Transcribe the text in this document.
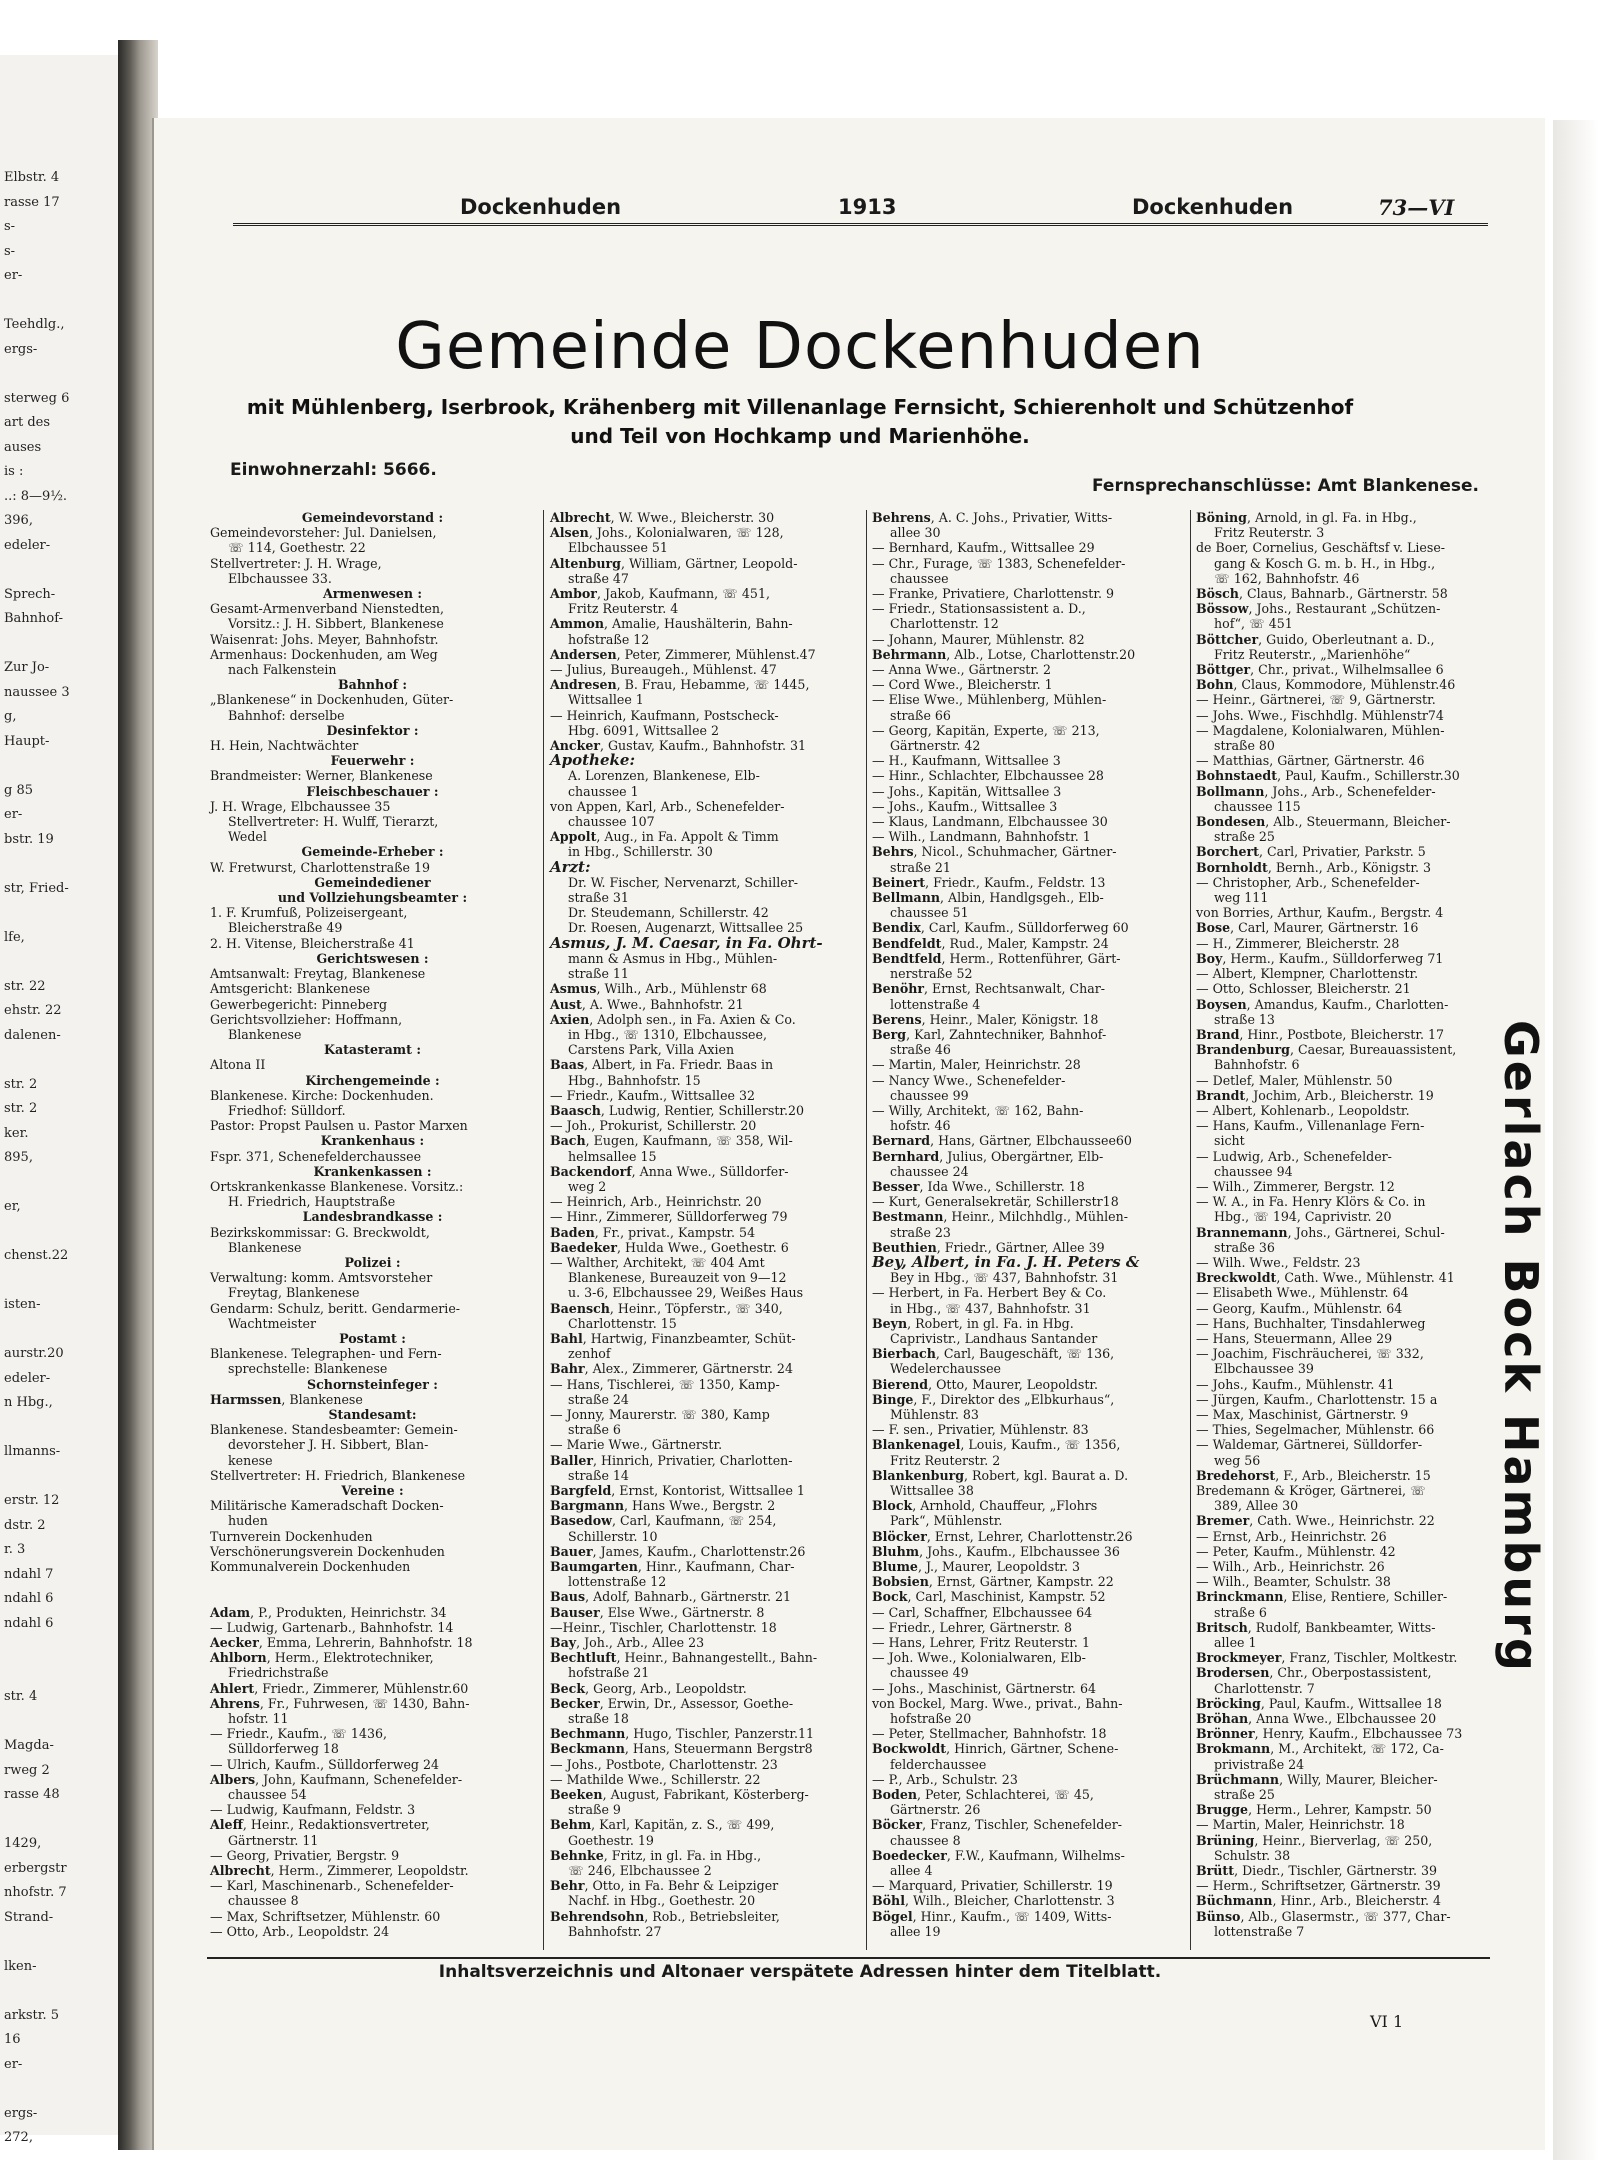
Elbstr. 4
rasse 17
s-
s-
er-
Teehdlg.,
ergs-
sterweg 6
art des
auses
is :
..: 8—9½.
396,
edeler-
Sprech-
Bahnhof-
Zur Jo-
naussee 3
g,
Haupt-
g 85
er-
bstr. 19
str, Fried-
lfe,
str. 22
ehstr. 22
dalenen-
str. 2
str. 2
ker.
895,
er,
chenst.22
isten-
aurstr.20
edeler-
n Hbg.,
llmanns-
erstr. 12
dstr. 2
r. 3
ndahl 7
ndahl 6
ndahl 6
str. 4
Magda-
rweg 2
rasse 48
1429,
erbergstr
nhofstr. 7
Strand-
lken-
arkstr. 5
16
er-
ergs-
272,
Gerlach Bock Hamburg
Dockenhuden	1913	Dockenhuden	73—VI
Gemeinde Dockenhuden
mit Mühlenberg, Iserbrook, Krähenberg mit Villenanlage Fernsicht, Schierenholt und Schützenhof
und Teil von Hochkamp und Marienhöhe.
Einwohnerzahl: 5666.
Fernsprechanschlüsse: Amt Blankenese.
Gemeindevorstand :
Gemeindevorsteher: Jul. Danielsen,
☏ 114, Goethestr. 22
Stellvertreter: J. H. Wrage,
Elbchaussee 33.
Armenwesen :
Gesamt-Armenverband Nienstedten,
Vorsitz.: J. H. Sibbert, Blankenese
Waisenrat: Johs. Meyer, Bahnhofstr.
Armenhaus: Dockenhuden, am Weg
nach Falkenstein
Bahnhof :
„Blankenese“ in Dockenhuden, Güter-
Bahnhof: derselbe
Desinfektor :
H. Hein, Nachtwächter
Feuerwehr :
Brandmeister: Werner, Blankenese
Fleischbeschauer :
J. H. Wrage, Elbchaussee 35
Stellvertreter: H. Wulff, Tierarzt,
Wedel
Gemeinde-Erheber :
W. Fretwurst, Charlottenstraße 19
Gemeindediener
und Vollziehungsbeamter :
1. F. Krumfuß, Polizeisergeant,
Bleicherstraße 49
2. H. Vitense, Bleicherstraße 41
Gerichtswesen :
Amtsanwalt: Freytag, Blankenese
Amtsgericht: Blankenese
Gewerbegericht: Pinneberg
Gerichtsvollzieher: Hoffmann,
Blankenese
Katasteramt :
Altona II
Kirchengemeinde :
Blankenese. Kirche: Dockenhuden.
Friedhof: Sülldorf.
Pastor: Propst Paulsen u. Pastor Marxen
Krankenhaus :
Fspr. 371, Schenefelderchaussee
Krankenkassen :
Ortskrankenkasse Blankenese. Vorsitz.:
H. Friedrich, Hauptstraße
Landesbrandkasse :
Bezirkskommissar: G. Breckwoldt,
Blankenese
Polizei :
Verwaltung: komm. Amtsvorsteher
Freytag, Blankenese
Gendarm: Schulz, beritt. Gendarmerie-
Wachtmeister
Postamt :
Blankenese. Telegraphen- und Fern-
sprechstelle: Blankenese
Schornsteinfeger :
Harmssen, Blankenese
Standesamt:
Blankenese. Standesbeamter: Gemein-
devorsteher J. H. Sibbert, Blan-
kenese
Stellvertreter: H. Friedrich, Blankenese
Vereine :
Militärische Kameradschaft Docken-
huden
Turnverein Dockenhuden
Verschönerungsverein Dockenhuden
Kommunalverein Dockenhuden

Adam, P., Produkten, Heinrichstr. 34
— Ludwig, Gartenarb., Bahnhofstr. 14
Aecker, Emma, Lehrerin, Bahnhofstr. 18
Ahlborn, Herm., Elektrotechniker,
Friedrichstraße
Ahlert, Friedr., Zimmerer, Mühlenstr.60
Ahrens, Fr., Fuhrwesen, ☏ 1430, Bahn-
hofstr. 11
— Friedr., Kaufm., ☏ 1436,
Sülldorferweg 18
— Ulrich, Kaufm., Sülldorferweg 24
Albers, John, Kaufmann, Schenefelder-
chaussee 54
— Ludwig, Kaufmann, Feldstr. 3
Aleff, Heinr., Redaktionsvertreter,
Gärtnerstr. 11
— Georg, Privatier, Bergstr. 9
Albrecht, Herm., Zimmerer, Leopoldstr.
— Karl, Maschinenarb., Schenefelder-
chaussee 8
— Max, Schriftsetzer, Mühlenstr. 60
— Otto, Arb., Leopoldstr. 24
Albrecht, W. Wwe., Bleicherstr. 30
Alsen, Johs., Kolonialwaren, ☏ 128,
Elbchaussee 51
Altenburg, William, Gärtner, Leopold-
straße 47
Ambor, Jakob, Kaufmann, ☏ 451,
Fritz Reuterstr. 4
Ammon, Amalie, Haushälterin, Bahn-
hofstraße 12
Andersen, Peter, Zimmerer, Mühlenst.47
— Julius, Bureaugeh., Mühlenst. 47
Andresen, B. Frau, Hebamme, ☏ 1445,
Wittsallee 1
— Heinrich, Kaufmann, Postscheck-
Hbg. 6091, Wittsallee 2
Ancker, Gustav, Kaufm., Bahnhofstr. 31
Apotheke:
A. Lorenzen, Blankenese, Elb-
chaussee 1
von Appen, Karl, Arb., Schenefelder-
chaussee 107
Appolt, Aug., in Fa. Appolt & Timm
in Hbg., Schillerstr. 30
Arzt:
Dr. W. Fischer, Nervenarzt, Schiller-
straße 31
Dr. Steudemann, Schillerstr. 42
Dr. Roesen, Augenarzt, Wittsallee 25
Asmus, J. M. Caesar, in Fa. Ohrt-
mann & Asmus in Hbg., Mühlen-
straße 11
Asmus, Wilh., Arb., Mühlenstr 68
Aust, A. Wwe., Bahnhofstr. 21
Axien, Adolph sen., in Fa. Axien & Co.
in Hbg., ☏ 1310, Elbchaussee,
Carstens Park, Villa Axien
Baas, Albert, in Fa. Friedr. Baas in
Hbg., Bahnhofstr. 15
— Friedr., Kaufm., Wittsallee 32
Baasch, Ludwig, Rentier, Schillerstr.20
— Joh., Prokurist, Schillerstr. 20
Bach, Eugen, Kaufmann, ☏ 358, Wil-
helmsallee 15
Backendorf, Anna Wwe., Sülldorfer-
weg 2
— Heinrich, Arb., Heinrichstr. 20
— Hinr., Zimmerer, Sülldorferweg 79
Baden, Fr., privat., Kampstr. 54
Baedeker, Hulda Wwe., Goethestr. 6
— Walther, Architekt, ☏ 404 Amt
Blankenese, Bureauzeit von 9—12
u. 3-6, Elbchaussee 29, Weißes Haus
Baensch, Heinr., Töpferstr., ☏ 340,
Charlottenstr. 15
Bahl, Hartwig, Finanzbeamter, Schüt-
zenhof
Bahr, Alex., Zimmerer, Gärtnerstr. 24
— Hans, Tischlerei, ☏ 1350, Kamp-
straße 24
— Jonny, Maurerstr. ☏ 380, Kamp
straße 6
— Marie Wwe., Gärtnerstr.
Baller, Hinrich, Privatier, Charlotten-
straße 14
Bargfeld, Ernst, Kontorist, Wittsallee 1
Bargmann, Hans Wwe., Bergstr. 2
Basedow, Carl, Kaufmann, ☏ 254,
Schillerstr. 10
Bauer, James, Kaufm., Charlottenstr.26
Baumgarten, Hinr., Kaufmann, Char-
lottenstraße 12
Baus, Adolf, Bahnarb., Gärtnerstr. 21
Bauser, Else Wwe., Gärtnerstr. 8
—Heinr., Tischler, Charlottenstr. 18
Bay, Joh., Arb., Allee 23
Bechtluft, Heinr., Bahnangestellt., Bahn-
hofstraße 21
Beck, Georg, Arb., Leopoldstr.
Becker, Erwin, Dr., Assessor, Goethe-
straße 18
Bechmann, Hugo, Tischler, Panzerstr.11
Beckmann, Hans, Steuermann Bergstr8
— Johs., Postbote, Charlottenstr. 23
— Mathilde Wwe., Schillerstr. 22
Beeken, August, Fabrikant, Kösterberg-
straße 9
Behm, Karl, Kapitän, z. S., ☏ 499,
Goethestr. 19
Behnke, Fritz, in gl. Fa. in Hbg.,
☏ 246, Elbchaussee 2
Behr, Otto, in Fa. Behr & Leipziger
Nachf. in Hbg., Goethestr. 20
Behrendsohn, Rob., Betriebsleiter,
Bahnhofstr. 27
Behrens, A. C. Johs., Privatier, Witts-
allee 30
— Bernhard, Kaufm., Wittsallee 29
— Chr., Furage, ☏ 1383, Schenefelder-
chaussee
— Franke, Privatiere, Charlottenstr. 9
— Friedr., Stationsassistent a. D.,
Charlottenstr. 12
— Johann, Maurer, Mühlenstr. 82
Behrmann, Alb., Lotse, Charlottenstr.20
— Anna Wwe., Gärtnerstr. 2
— Cord Wwe., Bleicherstr. 1
— Elise Wwe., Mühlenberg, Mühlen-
straße 66
— Georg, Kapitän, Experte, ☏ 213,
Gärtnerstr. 42
— H., Kaufmann, Wittsallee 3
— Hinr., Schlachter, Elbchaussee 28
— Johs., Kapitän, Wittsallee 3
— Johs., Kaufm., Wittsallee 3
— Klaus, Landmann, Elbchaussee 30
— Wilh., Landmann, Bahnhofstr. 1
Behrs, Nicol., Schuhmacher, Gärtner-
straße 21
Beinert, Friedr., Kaufm., Feldstr. 13
Bellmann, Albin, Handlgsgeh., Elb-
chaussee 51
Bendix, Carl, Kaufm., Sülldorferweg 60
Bendfeldt, Rud., Maler, Kampstr. 24
Bendtfeld, Herm., Rottenführer, Gärt-
nerstraße 52
Benöhr, Ernst, Rechtsanwalt, Char-
lottenstraße 4
Berens, Heinr., Maler, Königstr. 18
Berg, Karl, Zahntechniker, Bahnhof-
straße 46
— Martin, Maler, Heinrichstr. 28
— Nancy Wwe., Schenefelder-
chaussee 99
— Willy, Architekt, ☏ 162, Bahn-
hofstr. 46
Bernard, Hans, Gärtner, Elbchaussee60
Bernhard, Julius, Obergärtner, Elb-
chaussee 24
Besser, Ida Wwe., Schillerstr. 18
— Kurt, Generalsekretär, Schillerstr18
Bestmann, Heinr., Milchhdlg., Mühlen-
straße 23
Beuthien, Friedr., Gärtner, Allee 39
Bey, Albert, in Fa. J. H. Peters &
Bey in Hbg., ☏ 437, Bahnhofstr. 31
— Herbert, in Fa. Herbert Bey & Co.
in Hbg., ☏ 437, Bahnhofstr. 31
Beyn, Robert, in gl. Fa. in Hbg.
Caprivistr., Landhaus Santander
Bierbach, Carl, Baugeschäft, ☏ 136,
Wedelerchaussee
Bierend, Otto, Maurer, Leopoldstr.
Binge, F., Direktor des „Elbkurhaus“,
Mühlenstr. 83
— F. sen., Privatier, Mühlenstr. 83
Blankenagel, Louis, Kaufm., ☏ 1356,
Fritz Reuterstr. 2
Blankenburg, Robert, kgl. Baurat a. D.
Wittsallee 38
Block, Arnhold, Chauffeur, „Flohrs
Park“, Mühlenstr.
Blöcker, Ernst, Lehrer, Charlottenstr.26
Bluhm, Johs., Kaufm., Elbchaussee 36
Blume, J., Maurer, Leopoldstr. 3
Bobsien, Ernst, Gärtner, Kampstr. 22
Bock, Carl, Maschinist, Kampstr. 52
— Carl, Schaffner, Elbchaussee 64
— Friedr., Lehrer, Gärtnerstr. 8
— Hans, Lehrer, Fritz Reuterstr. 1
— Joh. Wwe., Kolonialwaren, Elb-
chaussee 49
— Johs., Maschinist, Gärtnerstr. 64
von Bockel, Marg. Wwe., privat., Bahn-
hofstraße 20
— Peter, Stellmacher, Bahnhofstr. 18
Bockwoldt, Hinrich, Gärtner, Schene-
felderchaussee
— P., Arb., Schulstr. 23
Boden, Peter, Schlachterei, ☏ 45,
Gärtnerstr. 26
Böcker, Franz, Tischler, Schenefelder-
chaussee 8
Boedecker, F.W., Kaufmann, Wilhelms-
allee 4
— Marquard, Privatier, Schillerstr. 19
Böhl, Wilh., Bleicher, Charlottenstr. 3
Bögel, Hinr., Kaufm., ☏ 1409, Witts-
allee 19
Böning, Arnold, in gl. Fa. in Hbg.,
Fritz Reuterstr. 3
de Boer, Cornelius, Geschäftsf v. Liese-
gang & Kosch G. m. b. H., in Hbg.,
☏ 162, Bahnhofstr. 46
Bösch, Claus, Bahnarb., Gärtnerstr. 58
Bössow, Johs., Restaurant „Schützen-
hof“, ☏ 451
Böttcher, Guido, Oberleutnant a. D.,
Fritz Reuterstr., „Marienhöhe“
Böttger, Chr., privat., Wilhelmsallee 6
Bohn, Claus, Kommodore, Mühlenstr.46
— Heinr., Gärtnerei, ☏ 9, Gärtnerstr.
— Johs. Wwe., Fischhdlg. Mühlenstr74
— Magdalene, Kolonialwaren, Mühlen-
straße 80
— Matthias, Gärtner, Gärtnerstr. 46
Bohnstaedt, Paul, Kaufm., Schillerstr.30
Bollmann, Johs., Arb., Schenefelder-
chaussee 115
Bondesen, Alb., Steuermann, Bleicher-
straße 25
Borchert, Carl, Privatier, Parkstr. 5
Bornholdt, Bernh., Arb., Königstr. 3
— Christopher, Arb., Schenefelder-
weg 111
von Borries, Arthur, Kaufm., Bergstr. 4
Bose, Carl, Maurer, Gärtnerstr. 16
— H., Zimmerer, Bleicherstr. 28
Boy, Herm., Kaufm., Sülldorferweg 71
— Albert, Klempner, Charlottenstr.
— Otto, Schlosser, Bleicherstr. 21
Boysen, Amandus, Kaufm., Charlotten-
straße 13
Brand, Hinr., Postbote, Bleicherstr. 17
Brandenburg, Caesar, Bureauassistent,
Bahnhofstr. 6
— Detlef, Maler, Mühlenstr. 50
Brandt, Jochim, Arb., Bleicherstr. 19
— Albert, Kohlenarb., Leopoldstr.
— Hans, Kaufm., Villenanlage Fern-
sicht
— Ludwig, Arb., Schenefelder-
chaussee 94
— Wilh., Zimmerer, Bergstr. 12
— W. A., in Fa. Henry Klörs & Co. in
Hbg., ☏ 194, Caprivistr. 20
Brannemann, Johs., Gärtnerei, Schul-
straße 36
— Wilh. Wwe., Feldstr. 23
Breckwoldt, Cath. Wwe., Mühlenstr. 41
— Elisabeth Wwe., Mühlenstr. 64
— Georg, Kaufm., Mühlenstr. 64
— Hans, Buchhalter, Tinsdahlerweg
— Hans, Steuermann, Allee 29
— Joachim, Fischräucherei, ☏ 332,
Elbchaussee 39
— Johs., Kaufm., Mühlenstr. 41
— Jürgen, Kaufm., Charlottenstr. 15 a
— Max, Maschinist, Gärtnerstr. 9
— Thies, Segelmacher, Mühlenstr. 66
— Waldemar, Gärtnerei, Sülldorfer-
weg 56
Bredehorst, F., Arb., Bleicherstr. 15
Bredemann & Kröger, Gärtnerei, ☏
389, Allee 30
Bremer, Cath. Wwe., Heinrichstr. 22
— Ernst, Arb., Heinrichstr. 26
— Peter, Kaufm., Mühlenstr. 42
— Wilh., Arb., Heinrichstr. 26
— Wilh., Beamter, Schulstr. 38
Brinckmann, Elise, Rentiere, Schiller-
straße 6
Britsch, Rudolf, Bankbeamter, Witts-
allee 1
Brockmeyer, Franz, Tischler, Moltkestr.
Brodersen, Chr., Oberpostassistent,
Charlottenstr. 7
Bröcking, Paul, Kaufm., Wittsallee 18
Bröhan, Anna Wwe., Elbchaussee 20
Brönner, Henry, Kaufm., Elbchaussee 73
Brokmann, M., Architekt, ☏ 172, Ca-
privistraße 24
Brüchmann, Willy, Maurer, Bleicher-
straße 25
Brugge, Herm., Lehrer, Kampstr. 50
— Martin, Maler, Heinrichstr. 18
Brüning, Heinr., Bierverlag, ☏ 250,
Schulstr. 38
Brütt, Diedr., Tischler, Gärtnerstr. 39
— Herm., Schriftsetzer, Gärtnerstr. 39
Büchmann, Hinr., Arb., Bleicherstr. 4
Bünso, Alb., Glasermstr., ☏ 377, Char-
lottenstraße 7
Inhaltsverzeichnis und Altonaer verspätete Adressen hinter dem Titelblatt.
VI 1
